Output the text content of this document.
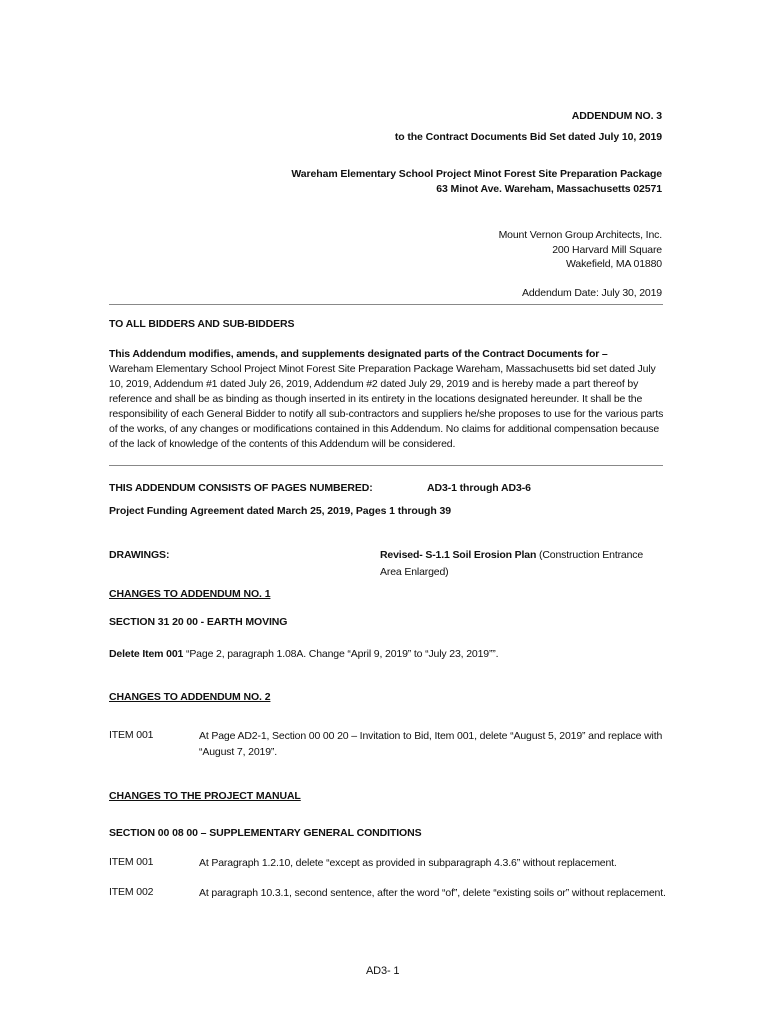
ADDENDUM NO. 3
to the Contract Documents Bid Set dated July 10, 2019
Wareham Elementary School Project Minot Forest Site Preparation Package
63 Minot Ave. Wareham, Massachusetts 02571
Mount Vernon Group Architects, Inc.
200 Harvard Mill Square
Wakefield, MA 01880
Addendum Date: July 30, 2019
TO ALL BIDDERS AND SUB-BIDDERS
This Addendum modifies, amends, and supplements designated parts of the Contract Documents for –
Wareham Elementary School Project Minot Forest Site Preparation Package Wareham, Massachusetts bid set dated July 10, 2019, Addendum #1 dated July 26, 2019, Addendum #2 dated July 29, 2019 and is hereby made a part thereof by reference and shall be as binding as though inserted in its entirety in the locations designated hereunder. It shall be the responsibility of each General Bidder to notify all sub-contractors and suppliers he/she proposes to use for the various parts of the works, of any changes or modifications contained in this Addendum. No claims for additional compensation because of the lack of knowledge of the contents of this Addendum will be considered.
THIS ADDENDUM CONSISTS OF PAGES NUMBERED:	AD3-1 through AD3-6
Project Funding Agreement dated March 25, 2019, Pages 1 through 39
DRAWINGS:	Revised- S-1.1 Soil Erosion Plan (Construction Entrance
Area Enlarged)
CHANGES TO ADDENDUM NO. 1
SECTION 31 20 00 - EARTH MOVING
Delete Item 001 “Page 2, paragraph 1.08A. Change “April 9, 2019” to “July 23, 2019””.
CHANGES TO ADDENDUM NO. 2
ITEM 001	At Page AD2-1, Section 00 00 20 – Invitation to Bid, Item 001, delete “August 5, 2019” and replace with “August 7, 2019”.
CHANGES TO THE PROJECT MANUAL
SECTION 00 08 00 – SUPPLEMENTARY GENERAL CONDITIONS
ITEM 001	At Paragraph 1.2.10, delete “except as provided in subparagraph 4.3.6” without replacement.
ITEM 002	At paragraph 10.3.1, second sentence, after the word “of”, delete “existing soils or” without replacement.
AD3- 1
